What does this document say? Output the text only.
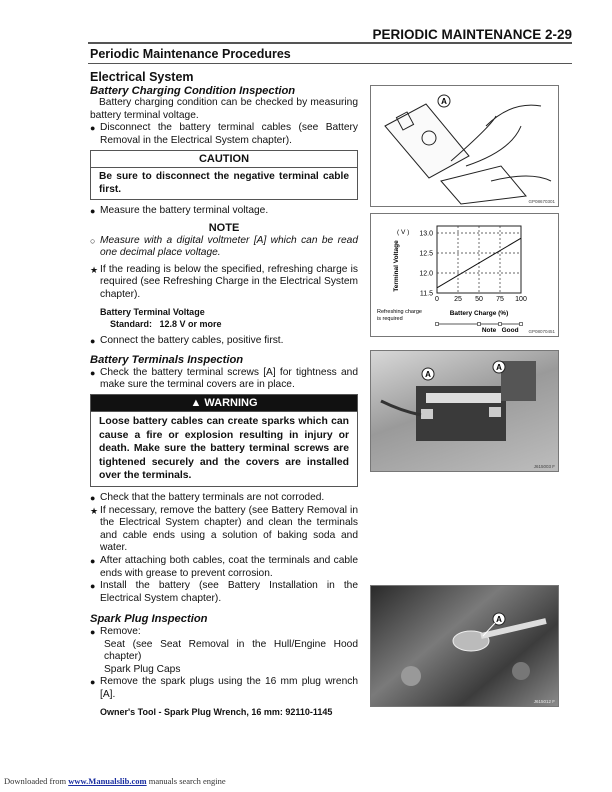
PERIODIC MAINTENANCE 2-29
Periodic Maintenance Procedures
Electrical System
Battery Charging Condition Inspection

Battery charging condition can be checked by measuring battery terminal voltage.

● Disconnect the battery terminal cables (see Battery Removal in the Electrical System chapter).
CAUTION
Be sure to disconnect the negative terminal cable first.
● Measure the battery terminal voltage.
NOTE
○ Measure with a digital voltmeter [A] which can be read one decimal place voltage.
★ If the reading is below the specified, refreshing charge is required (see Refreshing Charge in the Electrical System chapter).
Battery Terminal Voltage
Standard: 12.8 V or more
● Connect the battery cables, positive first.
Battery Terminals Inspection
● Check the battery terminal screws [A] for tightness and make sure the terminal covers are in place.
▲ WARNING
Loose battery cables can create sparks which can cause a fire or explosion resulting in injury or death. Make sure the battery terminal screws are tightened securely and the covers are installed over the terminals.
● Check that the battery terminals are not corroded.
★ If necessary, remove the battery (see Battery Removal in the Electrical System chapter) and clean the terminals and cable ends using a solution of baking soda and water.
● After attaching both cables, coat the terminals and cable ends with grease to prevent corrosion.
● Install the battery (see Battery Installation in the Electrical System chapter).
Spark Plug Inspection
● Remove:

Seat (see Seat Removal in the Hull/Engine Hood chapter)

Spark Plug Caps

● Remove the spark plugs using the 16 mm plug wrench [A].
Owner's Tool - Spark Plug Wrench, 16 mm: 92110-1145
A
GP08670301
0 25 50 75 100
11.5
12.0
12.5
13.0
( V )
Terminal Voltage
Battery Charge (%)
Refreshing charge
is required
Note Good GP08070451
A
A
J615003 F
A
J615012 F
Downloaded from www.Manualslib.com manuals search engine
